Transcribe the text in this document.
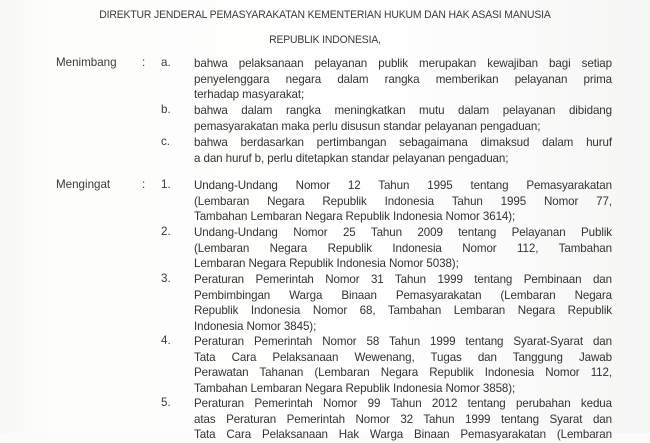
DIREKTUR JENDERAL PEMASYARAKATAN KEMENTERIAN HUKUM DAN HAK ASASI MANUSIA
REPUBLIK INDONESIA,
Menimbang : a. bahwa pelaksanaan pelayanan publik merupakan kewajiban bagi setiap
penyelenggara negara dalam rangka memberikan pelayanan prima
terhadap masyarakat;
b. bahwa dalam rangka meningkatkan mutu dalam pelayanan dibidang
pemasyarakatan maka perlu disusun standar pelayanan pengaduan;
c. bahwa berdasarkan pertimbangan sebagaimana dimaksud dalam huruf
a dan huruf b, perlu ditetapkan standar pelayanan pengaduan;
Mengingat	: 1. Undang-Undang Nomor 12 Tahun 1995 tentang Pemasyarakatan
(Lembaran Negara Republik Indonesia Tahun 1995 Nomor 77,
Tambahan Lembaran Negara Republik Indonesia Nomor 3614);
2. Undang-Undang Nomor 25 Tahun 2009 tentang Pelayanan Publik
(Lembaran Negara Republik Indonesia Nomor 112, Tambahan
Lembaran Negara Republik Indonesia Nomor 5038);
3. Peraturan Pemerintah Nomor 31 Tahun 1999 tentang Pembinaan dan
Pembimbingan Warga Binaan Pemasyarakatan (Lembaran Negara
Republik Indonesia Nomor 68, Tambahan Lembaran Negara Republik
Indonesia Nomor 3845);
4. Peraturan Pemerintah Nomor 58 Tahun 1999 tentang Syarat-Syarat dan
Tata Cara Pelaksanaan Wewenang, Tugas dan Tanggung Jawab
Perawatan Tahanan (Lembaran Negara Republik Indonesia Nomor 112,
Tambahan Lembaran Negara Republik Indonesia Nomor 3858);
5. Peraturan Pemerintah Nomor 99 Tahun 2012 tentang perubahan kedua
atas Peraturan Pemerintah Nomor 32 Tahun 1999 tentang Syarat dan
Tata Cara Pelaksanaan Hak Warga Binaan Pemasyarakatan (Lembaran
